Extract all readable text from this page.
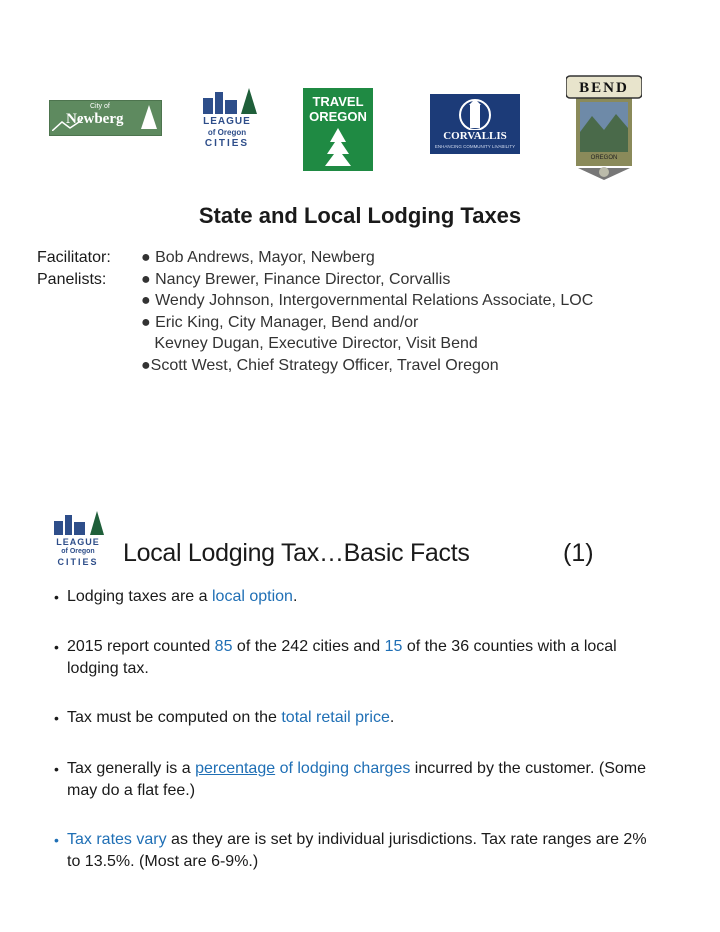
City of
Newberg	LEAGUE
of Oregon
CITIES
TRAVEL
OREGON
CORVALLIS
ENHANCING COMMUNITY LIVABILITY
BEND
OREGON
State and Local Lodging Taxes
Facilitator:
Panelists:
● Bob Andrews, Mayor, Newberg
● Nancy Brewer, Finance Director, Corvallis
● Wendy Johnson, Intergovernmental Relations Associate, LOC
● Eric King, City Manager, Bend and/or
Kevney Dugan, Executive Director, Visit Bend
●Scott West, Chief Strategy Officer, Travel Oregon
LEAGUE
of Oregon
CITIES Local Lodging Tax…Basic Facts	(1)
• Lodging taxes are a local option.
• 2015 report counted 85 of the 242 cities and 15 of the 36 counties with a local lodging tax.
• Tax must be computed on the total retail price.
• Tax generally is a percentage of lodging charges incurred by the customer. (Some may do a flat fee.)
• Tax rates vary as they are is set by individual jurisdictions. Tax rate ranges are 2% to 13.5%. (Most are 6-9%.)
